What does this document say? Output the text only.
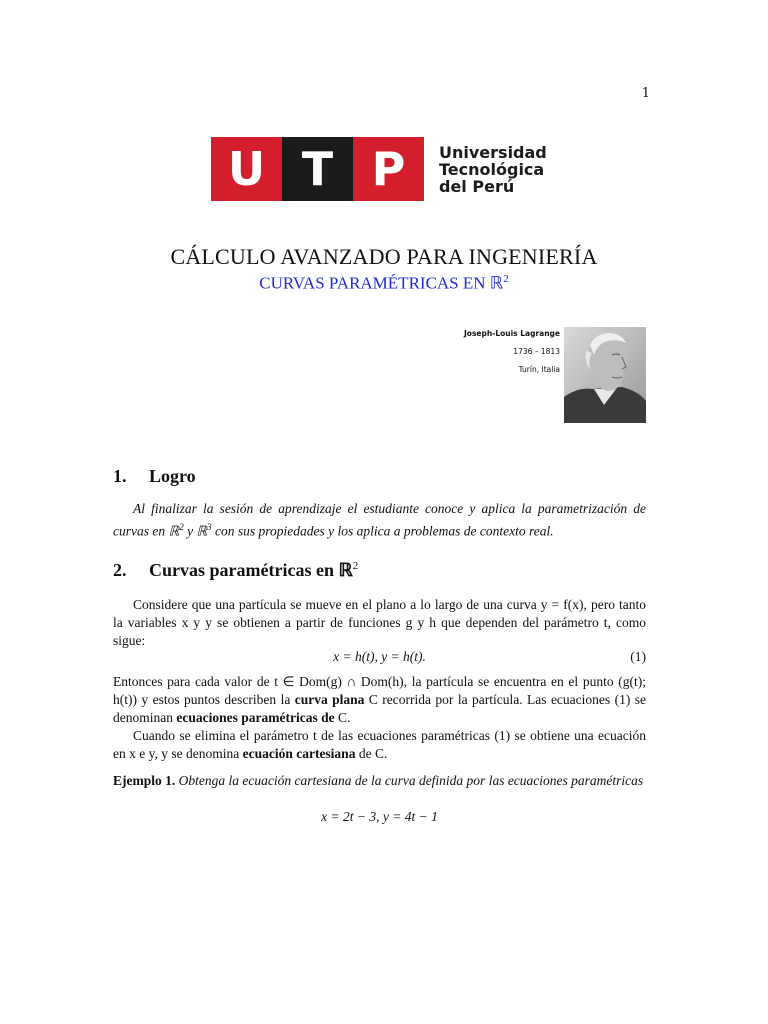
1
U T P	Universidad
Tecnológica
del Perú
CÁLCULO AVANZADO PARA INGENIERÍA
CURVAS PARAMÉTRICAS EN ℝ$^2$
Joseph-Louis Lagrange
1736 – 1813
Turín, Italia
1. Logro
Al finalizar la sesión de aprendizaje el estudiante conoce y aplica la parametrización de curvas en ℝ$^2$ y ℝ$^3$ con sus propiedades y los aplica a problemas de contexto real.
2. Curvas paramétricas en ℝ$^2$
Considere que una partícula se mueve en el plano a lo largo de una curva y = f(x), pero tanto la variables x y y se obtienen a partir de funciones g y h que dependen del parámetro t, como sigue:
x = h(t), y = h(t).	(1)
Entonces para cada valor de t ∈ Dom(g) ∩ Dom(h), la partícula se encuentra en el punto (g(t); h(t)) y estos puntos describen la curva plana C recorrida por la partícula. Las ecuaciones (1) se denominan ecuaciones paramétricas de C.
Cuando se elimina el parámetro t de las ecuaciones paramétricas (1) se obtiene una ecuación en x e y, y se denomina ecuación cartesiana de C.
Ejemplo 1. Obtenga la ecuación cartesiana de la curva definida por las ecuaciones paramétricas
x = 2t − 3, y = 4t − 1
